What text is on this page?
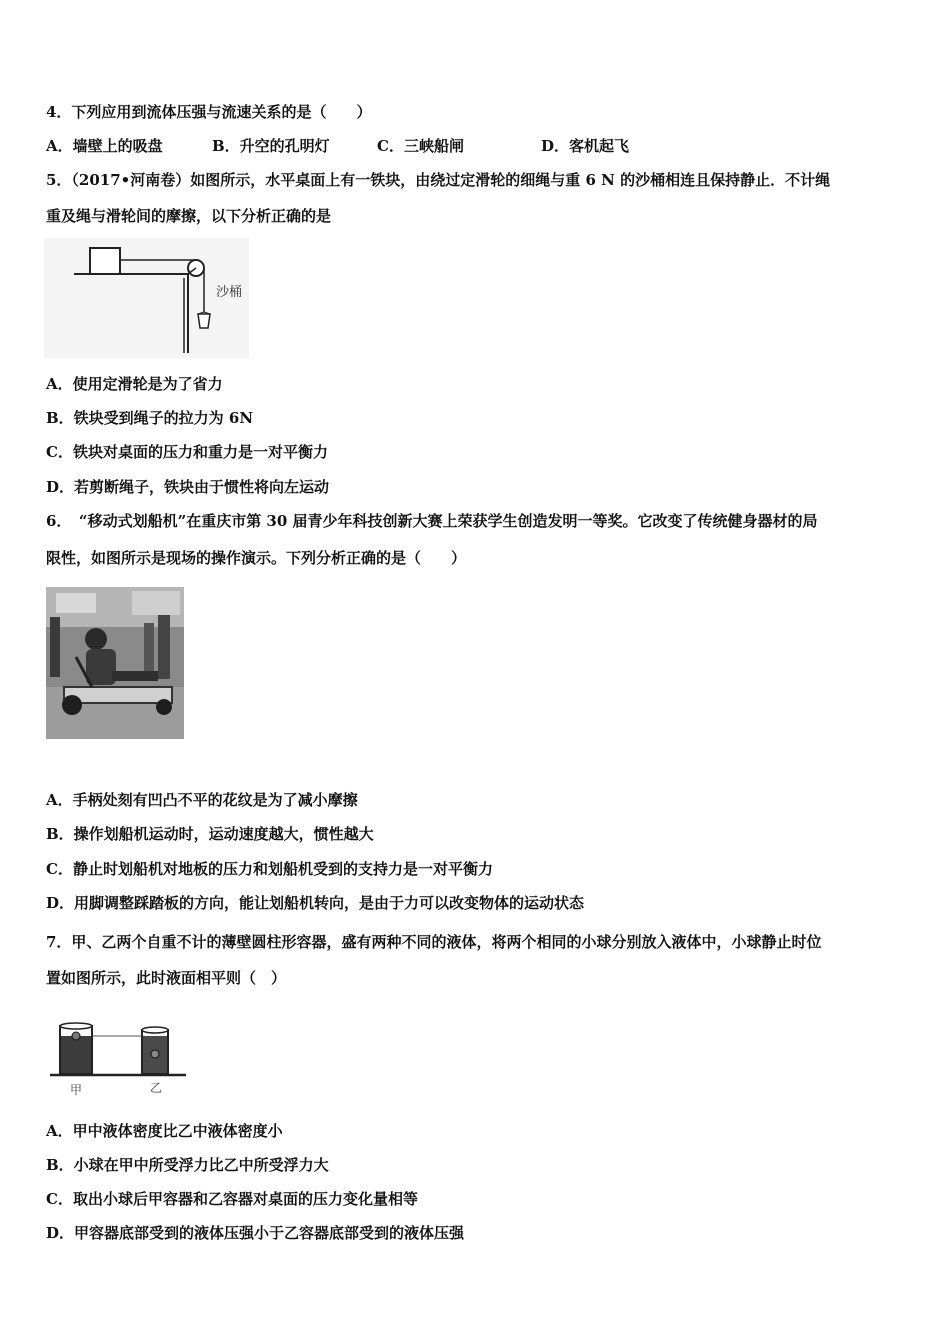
4．下列应用到流体压强与流速关系的是（　　）
A．墙壁上的吸盘	B．升空的孔明灯	C．三峡船闸	D．客机起飞
5．（2017•河南卷）如图所示，水平桌面上有一铁块，由绕过定滑轮的细绳与重 6 N 的沙桶相连且保持静止．不计绳
重及绳与滑轮间的摩擦，以下分析正确的是
沙桶
A．使用定滑轮是为了省力
B．铁块受到绳子的拉力为 6N
C．铁块对桌面的压力和重力是一对平衡力
D．若剪断绳子，铁块由于惯性将向左运动
6．　“移动式划船机”在重庆市第 30 届青少年科技创新大赛上荣获学生创造发明一等奖。它改变了传统健身器材的局
限性，如图所示是现场的操作演示。下列分析正确的是（　　）
A．手柄处刻有凹凸不平的花纹是为了减小摩擦
B．操作划船机运动时，运动速度越大，惯性越大
C．静止时划船机对地板的压力和划船机受到的支持力是一对平衡力
D．用脚调整踩踏板的方向，能让划船机转向，是由于力可以改变物体的运动状态
7．甲、乙两个自重不计的薄壁圆柱形容器，盛有两种不同的液体，将两个相同的小球分别放入液体中，小球静止时位
置如图所示，此时液面相平则（　）
甲	乙
A．甲中液体密度比乙中液体密度小
B．小球在甲中所受浮力比乙中所受浮力大
C．取出小球后甲容器和乙容器对桌面的压力变化量相等
D．甲容器底部受到的液体压强小于乙容器底部受到的液体压强
